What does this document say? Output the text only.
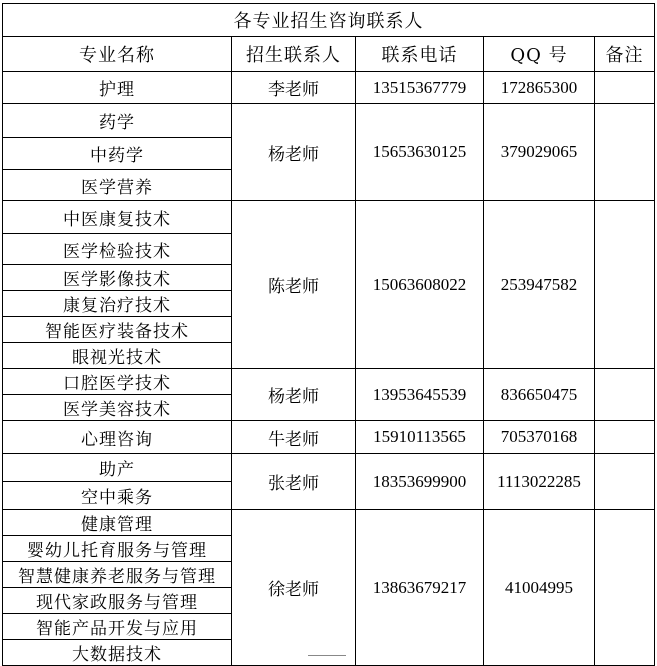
各专业招生咨询联系人				
专业名称	招生联系人	联系电话	QQ 号	备注
护理	李老师	13515367779	172865300	
药学	杨老师	15653630125	379029065	
中药学				
医学营养				
中医康复技术	陈老师	15063608022	253947582	
医学检验技术				
医学影像技术				
康复治疗技术				
智能医疗装备技术				
眼视光技术				
口腔医学技术	杨老师	13953645539	836650475	
医学美容技术				
心理咨询	牛老师	15910113565	705370168	
助产	张老师	18353699900	1113022285	
空中乘务				
健康管理	徐老师	13863679217	41004995	
婴幼儿托育服务与管理				
智慧健康养老服务与管理				
现代家政服务与管理				
智能产品开发与应用				
大数据技术				
